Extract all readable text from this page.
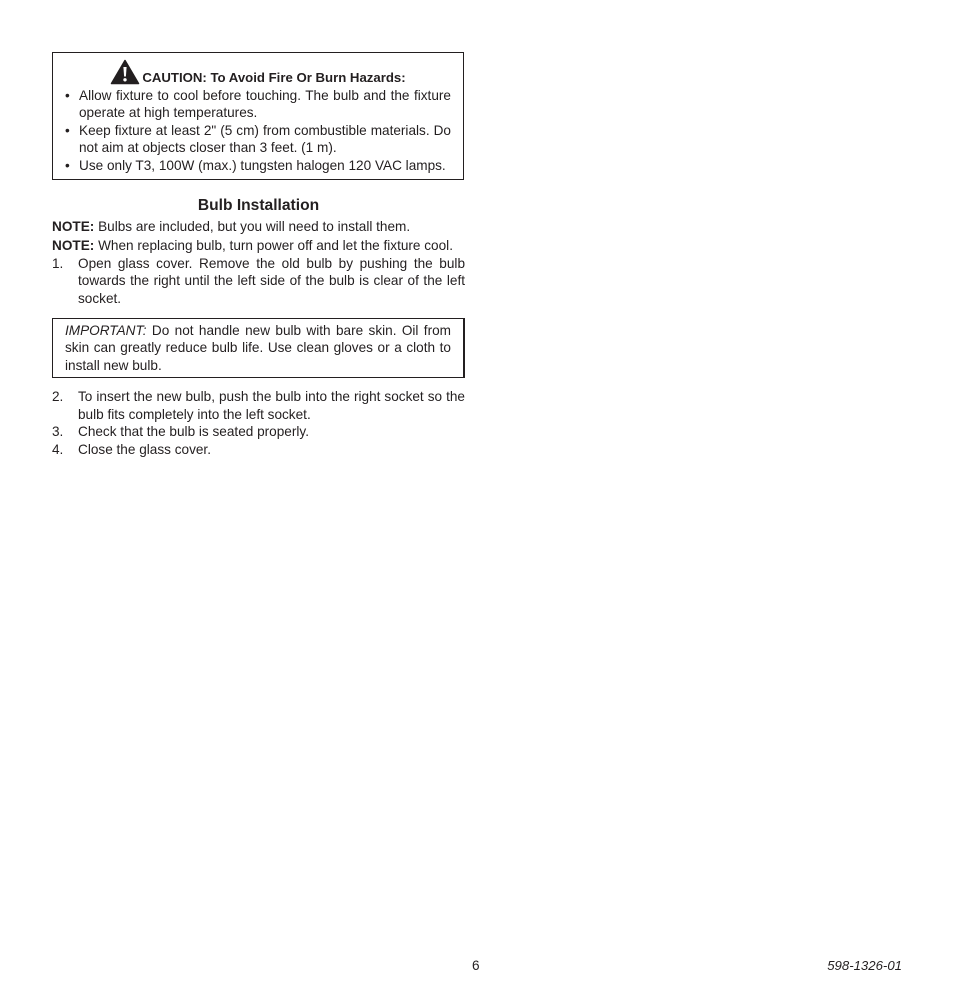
CAUTION: To Avoid Fire Or Burn Hazards:
• Allow fixture to cool before touching. The bulb and the fixture operate at high temperatures.
• Keep fixture at least 2" (5 cm) from combustible materials. Do not aim at objects closer than 3 feet. (1 m).
• Use only T3, 100W (max.) tungsten halogen 120 VAC lamps.
Bulb Installation

NOTE: Bulbs are included, but you will need to install them.

NOTE: When replacing bulb, turn power off and let the fixture cool.

1. Open glass cover. Remove the old bulb by pushing the bulb towards the right until the left side of the bulb is clear of the left socket.
IMPORTANT: Do not handle new bulb with bare skin. Oil from skin can greatly reduce bulb life. Use clean gloves or a cloth to install new bulb.
2. To insert the new bulb, push the bulb into the right socket so the bulb fits completely into the left socket.
3. Check that the bulb is seated properly.
4. Close the glass cover.
6	598-1326-01
